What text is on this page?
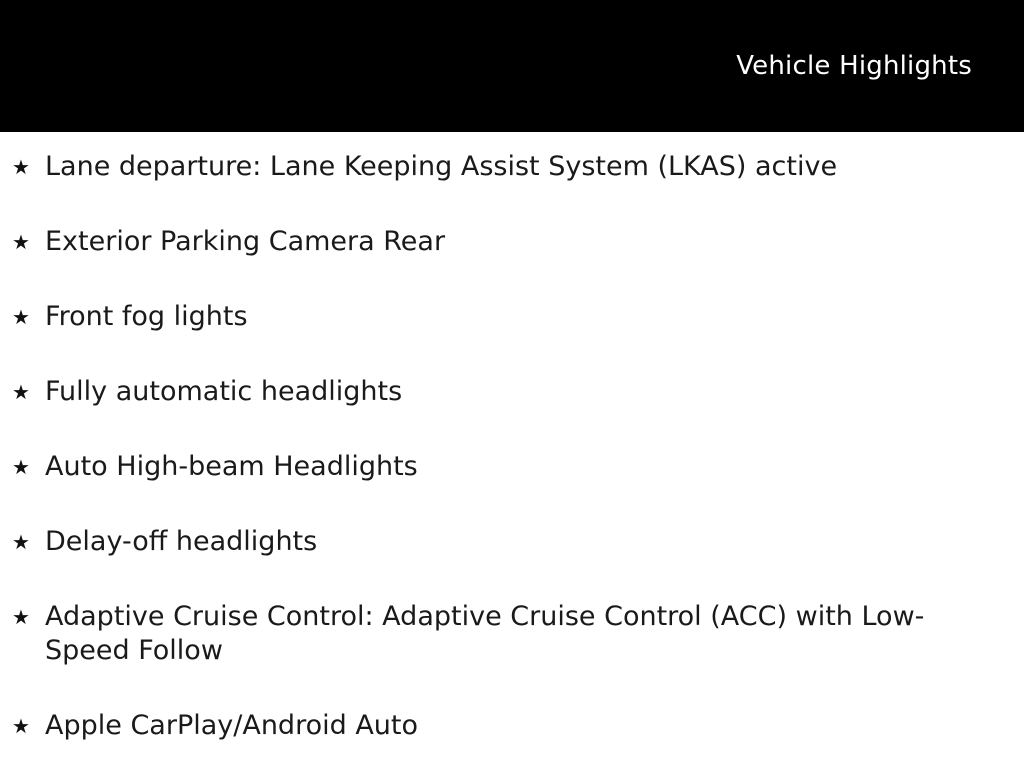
Vehicle Highlights
★ Lane departure: Lane Keeping Assist System (LKAS) active
★ Exterior Parking Camera Rear
★ Front fog lights
★ Fully automatic headlights
★ Auto High-beam Headlights
★ Delay-off headlights
★ Adaptive Cruise Control: Adaptive Cruise Control (ACC) with Low-Speed Follow
★ Apple CarPlay/Android Auto
